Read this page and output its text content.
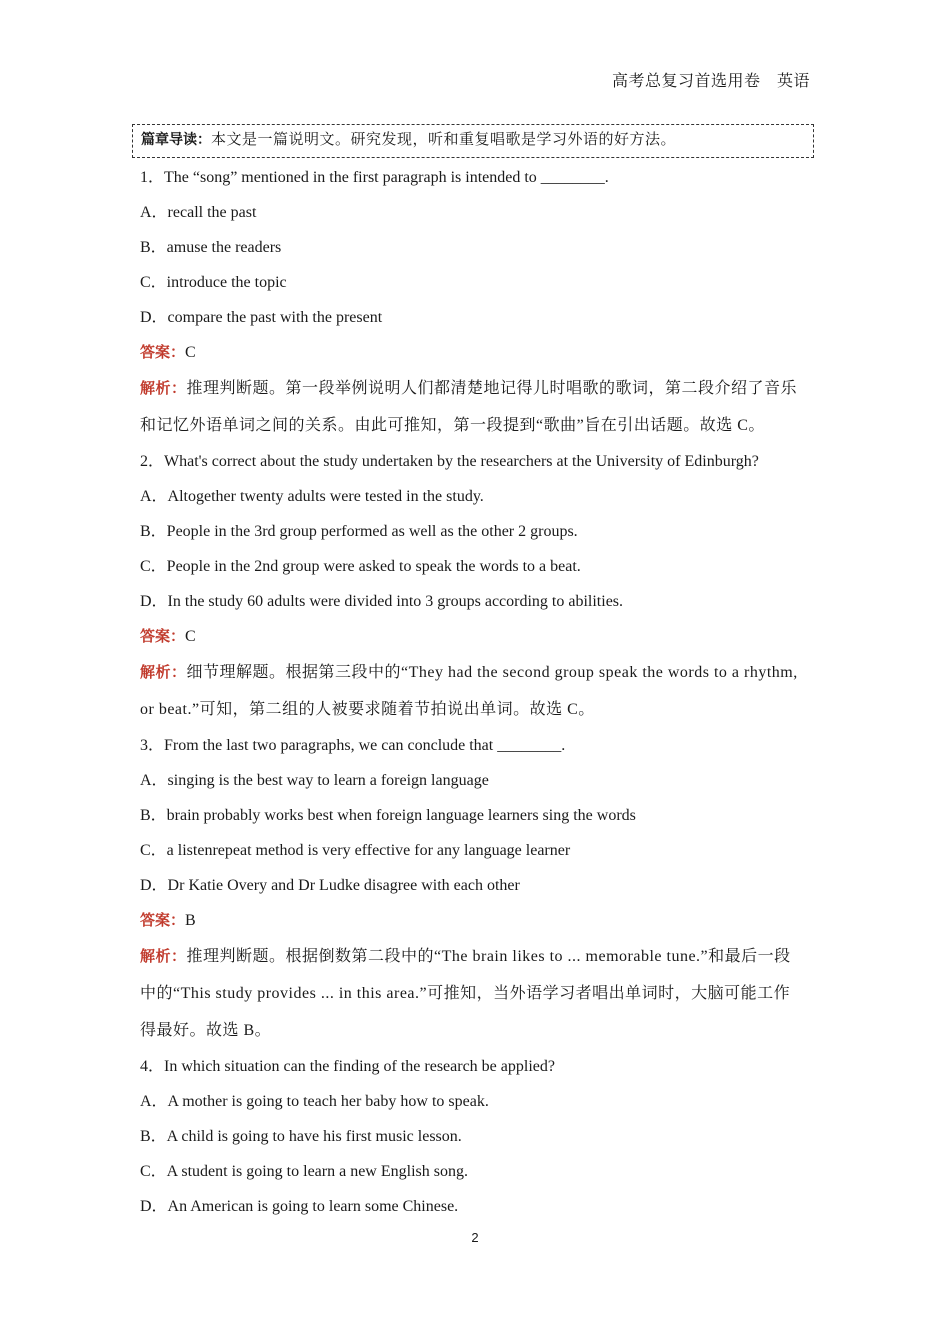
高考总复习首选用卷　英语
篇章导读：本文是一篇说明文。研究发现，听和重复唱歌是学习外语的好方法。
1．The “song” mentioned in the first paragraph is intended to ________.
A．recall the past
B．amuse the readers
C．introduce the topic
D．compare the past with the present
答案：C
解析：推理判断题。第一段举例说明人们都清楚地记得儿时唱歌的歌词，第二段介绍了音乐
和记忆外语单词之间的关系。由此可推知，第一段提到“歌曲”旨在引出话题。故选 C。
2．What's correct about the study undertaken by the researchers at the University of Edinburgh?
A．Altogether twenty adults were tested in the study.
B．People in the 3rd group performed as well as the other 2 groups.
C．People in the 2nd group were asked to speak the words to a beat.
D．In the study 60 adults were divided into 3 groups according to abilities.
答案：C
解析：细节理解题。根据第三段中的“They had the second group speak the words to a rhythm,
or beat.”可知，第二组的人被要求随着节拍说出单词。故选 C。
3．From the last two paragraphs, we can conclude that ________.
A．singing is the best way to learn a foreign language
B．brain probably works best when foreign language learners sing the words
C．a listenrepeat method is very effective for any language learner
D．Dr Katie Overy and Dr Ludke disagree with each other
答案：B
解析：推理判断题。根据倒数第二段中的“The brain likes to ... memorable tune.”和最后一段
中的“This study provides ... in this area.”可推知，当外语学习者唱出单词时，大脑可能工作
得最好。故选 B。
4．In which situation can the finding of the research be applied?
A．A mother is going to teach her baby how to speak.
B．A child is going to have his first music lesson.
C．A student is going to learn a new English song.
D．An American is going to learn some Chinese.
2
